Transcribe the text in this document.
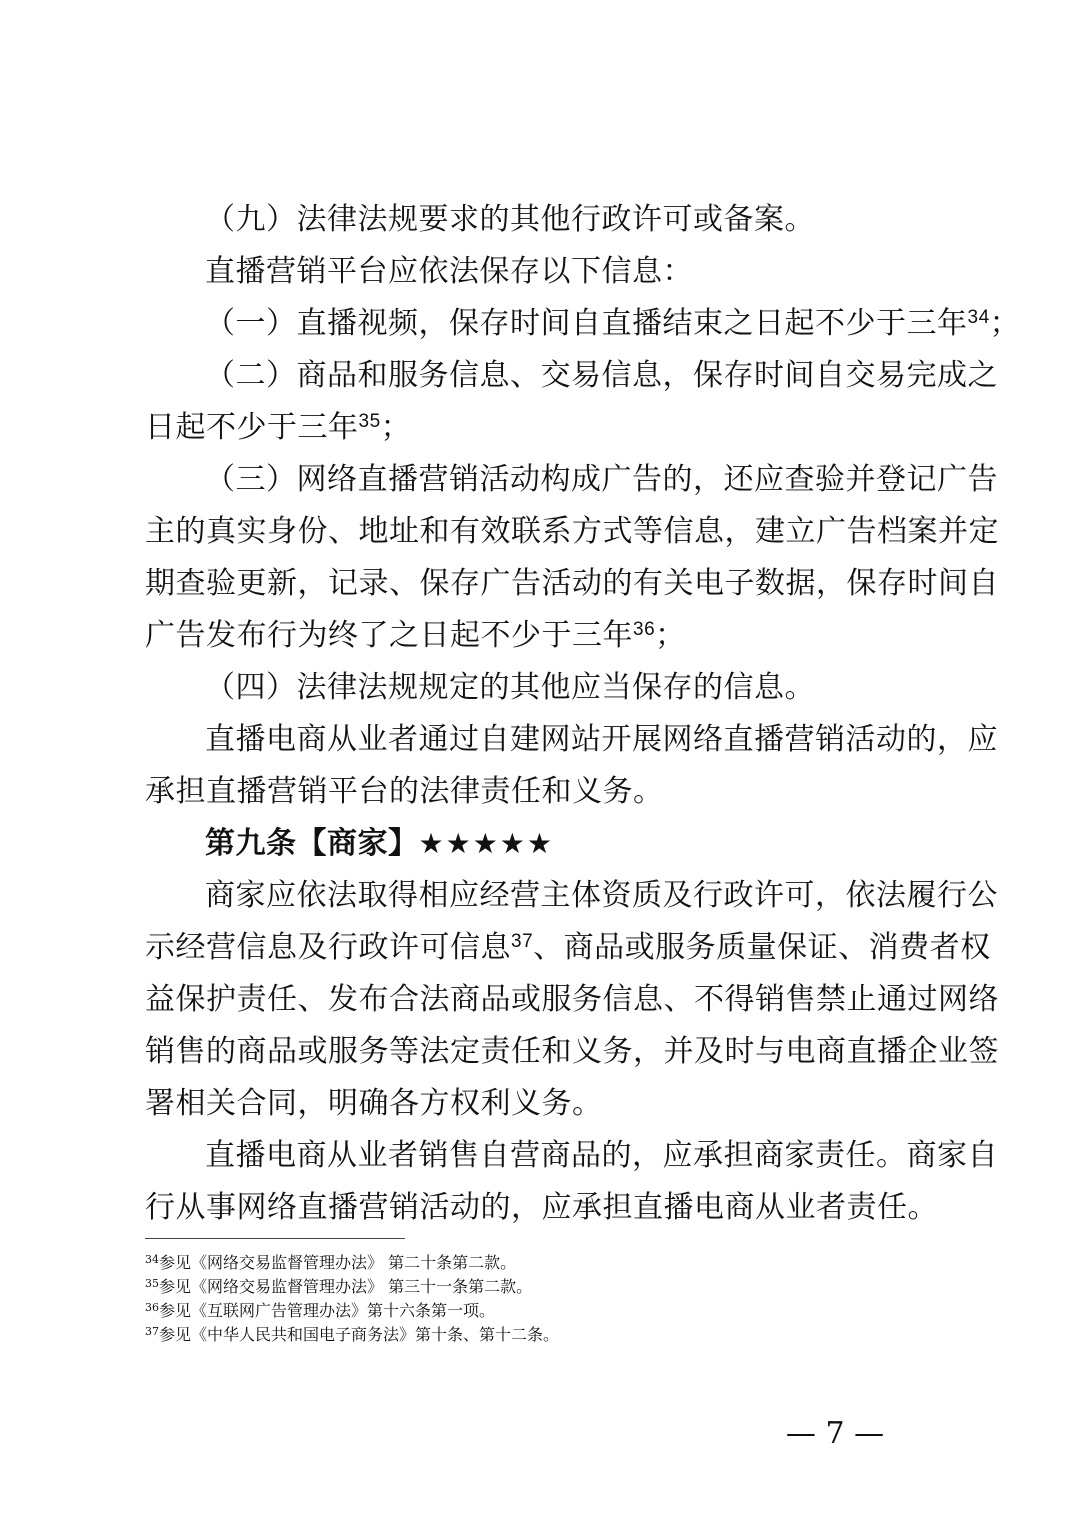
（九）法律法规要求的其他行政许可或备案。
直播营销平台应依法保存以下信息：
（一）直播视频，保存时间自直播结束之日起不少于三年$^{34}$；
（二）商品和服务信息、交易信息，保存时间自交易完成之
日起不少于三年$^{35}$；
（三）网络直播营销活动构成广告的，还应查验并登记广告
主的真实身份、地址和有效联系方式等信息，建立广告档案并定
期查验更新，记录、保存广告活动的有关电子数据，保存时间自
广告发布行为终了之日起不少于三年$^{36}$；
（四）法律法规规定的其他应当保存的信息。
直播电商从业者通过自建网站开展网络直播营销活动的，应
承担直播营销平台的法律责任和义务。
第九条【商家】★★★★★
商家应依法取得相应经营主体资质及行政许可，依法履行公
示经营信息及行政许可信息$^{37}$、商品或服务质量保证、消费者权
益保护责任、发布合法商品或服务信息、不得销售禁止通过网络
销售的商品或服务等法定责任和义务，并及时与电商直播企业签
署相关合同，明确各方权利义务。
直播电商从业者销售自营商品的，应承担商家责任。商家自
行从事网络直播营销活动的，应承担直播电商从业者责任。
$^{34}$参见《网络交易监督管理办法》 第二十条第二款。
$^{35}$参见《网络交易监督管理办法》 第三十一条第二款。
$^{36}$参见《互联网广告管理办法》第十六条第一项。
$^{37}$参见《中华人民共和国电子商务法》第十条、第十二条。
— 7 —
